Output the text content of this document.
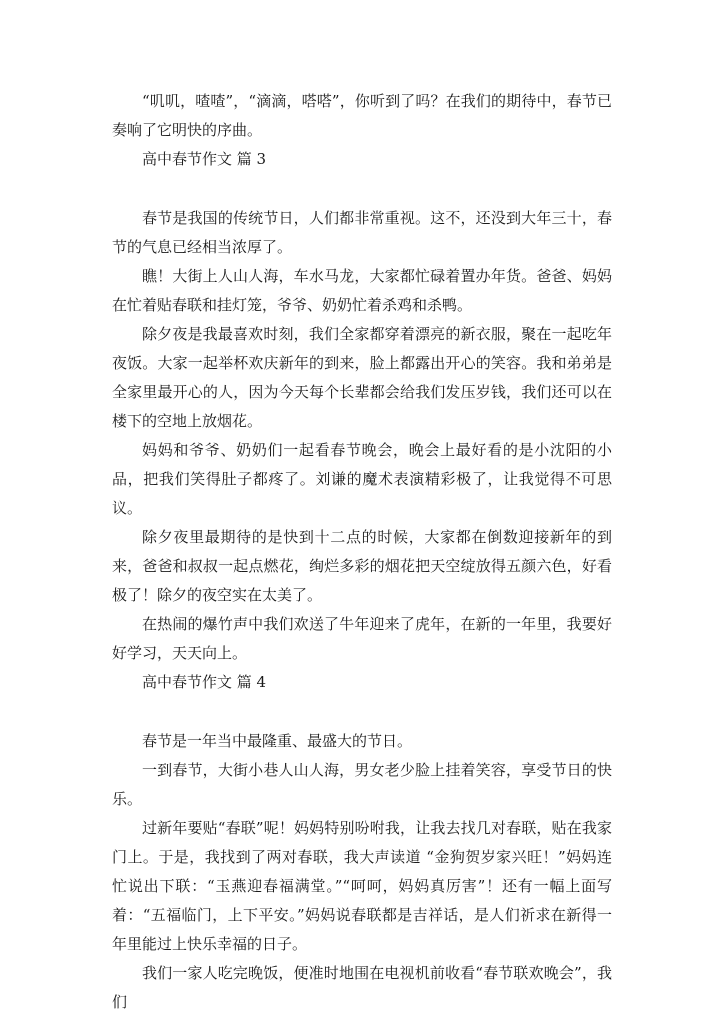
“叽叽，喳喳”，“滴滴，嗒嗒”，你听到了吗？在我们的期待中，春节已奏响了它明快的序曲。

高中春节作文 篇 3

春节是我国的传统节日，人们都非常重视。这不，还没到大年三十，春节的气息已经相当浓厚了。

瞧！大街上人山人海，车水马龙，大家都忙碌着置办年货。爸爸、妈妈在忙着贴春联和挂灯笼，爷爷、奶奶忙着杀鸡和杀鸭。

除夕夜是我最喜欢时刻，我们全家都穿着漂亮的新衣服，聚在一起吃年夜饭。大家一起举杯欢庆新年的到来，脸上都露出开心的笑容。我和弟弟是全家里最开心的人，因为今天每个长辈都会给我们发压岁钱，我们还可以在楼下的空地上放烟花。

妈妈和爷爷、奶奶们一起看春节晚会，晚会上最好看的是小沈阳的小品，把我们笑得肚子都疼了。刘谦的魔术表演精彩极了，让我觉得不可思议。

除夕夜里最期待的是快到十二点的时候，大家都在倒数迎接新年的到来，爸爸和叔叔一起点燃花，绚烂多彩的烟花把天空绽放得五颜六色，好看极了！除夕的夜空实在太美了。

在热闹的爆竹声中我们欢送了牛年迎来了虎年，在新的一年里，我要好好学习，天天向上。

高中春节作文 篇 4

春节是一年当中最隆重、最盛大的节日。

一到春节，大街小巷人山人海，男女老少脸上挂着笑容，享受节日的快乐。

过新年要贴“春联”呢！妈妈特别吩咐我，让我去找几对春联，贴在我家门上。于是，我找到了两对春联，我大声读道 “金狗贺岁家兴旺！”妈妈连忙说出下联：“玉燕迎春福满堂。”“呵呵，妈妈真厉害”！还有一幅上面写着：“五福临门，上下平安。”妈妈说春联都是吉祥话，是人们祈求在新得一年里能过上快乐幸福的日子。

我们一家人吃完晚饭，便准时地围在电视机前收看“春节联欢晚会”，我们
